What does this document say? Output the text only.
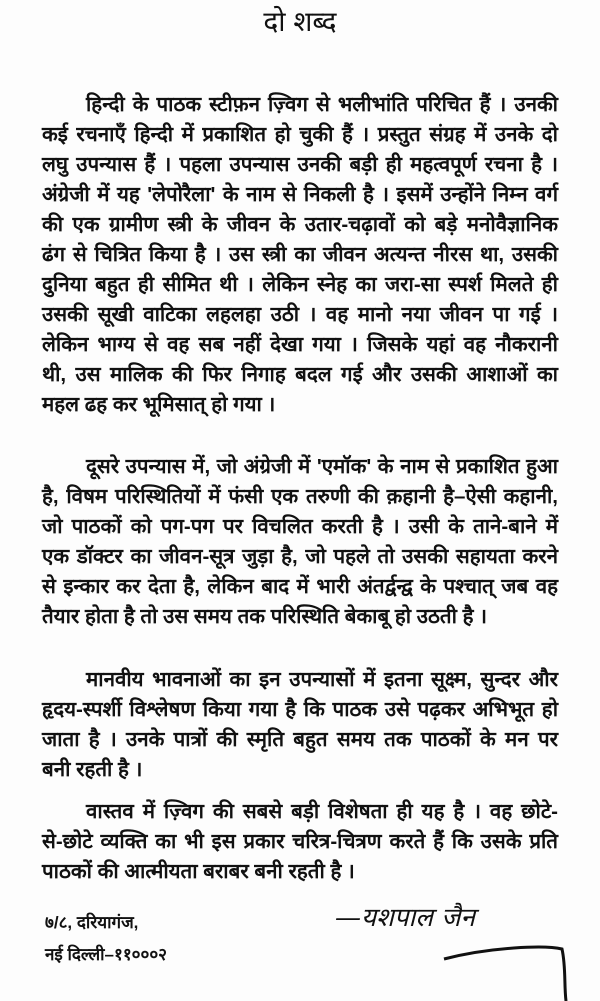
दो शब्द
हिन्दी के पाठक स्टीफ़न ज़्विग से भलीभांति परिचित हैं । उनकी
कई रचनाएँ हिन्दी में प्रकाशित हो चुकी हैं । प्रस्तुत संग्रह में उनके दो
लघु उपन्यास हैं । पहला उपन्यास उनकी बड़ी ही महत्वपूर्ण रचना है ।
अंग्रेजी में यह 'लेपोरैला' के नाम से निकली है । इसमें उन्होंने निम्न वर्ग
की एक ग्रामीण स्त्री के जीवन के उतार-चढ़ावों को बड़े मनोवैज्ञानिक
ढंग से चित्रित किया है । उस स्त्री का जीवन अत्यन्त नीरस था, उसकी
दुनिया बहुत ही सीमित थी । लेकिन स्नेह का जरा-सा स्पर्श मिलते ही
उसकी सूखी वाटिका लहलहा उठी । वह मानो नया जीवन पा गई ।
लेकिन भाग्य से वह सब नहीं देखा गया । जिसके यहां वह नौकरानी
थी, उस मालिक की फिर निगाह बदल गई और उसकी आशाओं का
महल ढह कर भूमिसात् हो गया ।
दूसरे उपन्यास में, जो अंग्रेजी में 'एमॉक' के नाम से प्रकाशित हुआ
है, विषम परिस्थितियों में फंसी एक तरुणी की क़हानी है–ऐसी कहानी,
जो पाठकों को पग-पग पर विचलित करती है । उसी के ताने-बाने में
एक डॉक्टर का जीवन-सूत्र जुड़ा है, जो पहले तो उसकी सहायता करने
से इन्कार कर देता है, लेकिन बाद में भारी अंतर्द्वन्द्व के पश्चात् जब वह
तैयार होता है तो उस समय तक परिस्थिति बेकाबू हो उठती है ।
मानवीय भावनाओं का इन उपन्यासों में इतना सूक्ष्म, सुन्दर और
हृदय-स्पर्शी विश्लेषण किया गया है कि पाठक उसे पढ़कर अभिभूत हो
जाता है । उनके पात्रों की स्मृति बहुत समय तक पाठकों के मन पर
बनी रहती है ।
वास्तव में ज़्विग की सबसे बड़ी विशेषता ही यह है । वह छोटे-
से-छोटे व्यक्ति का भी इस प्रकार चरित्र-चित्रण करते हैं कि उसके प्रति
पाठकों की आत्मीयता बराबर बनी रहती है ।
७/८, दरियागंज,
नई दिल्ली–११०००२
—यशपाल जैन
